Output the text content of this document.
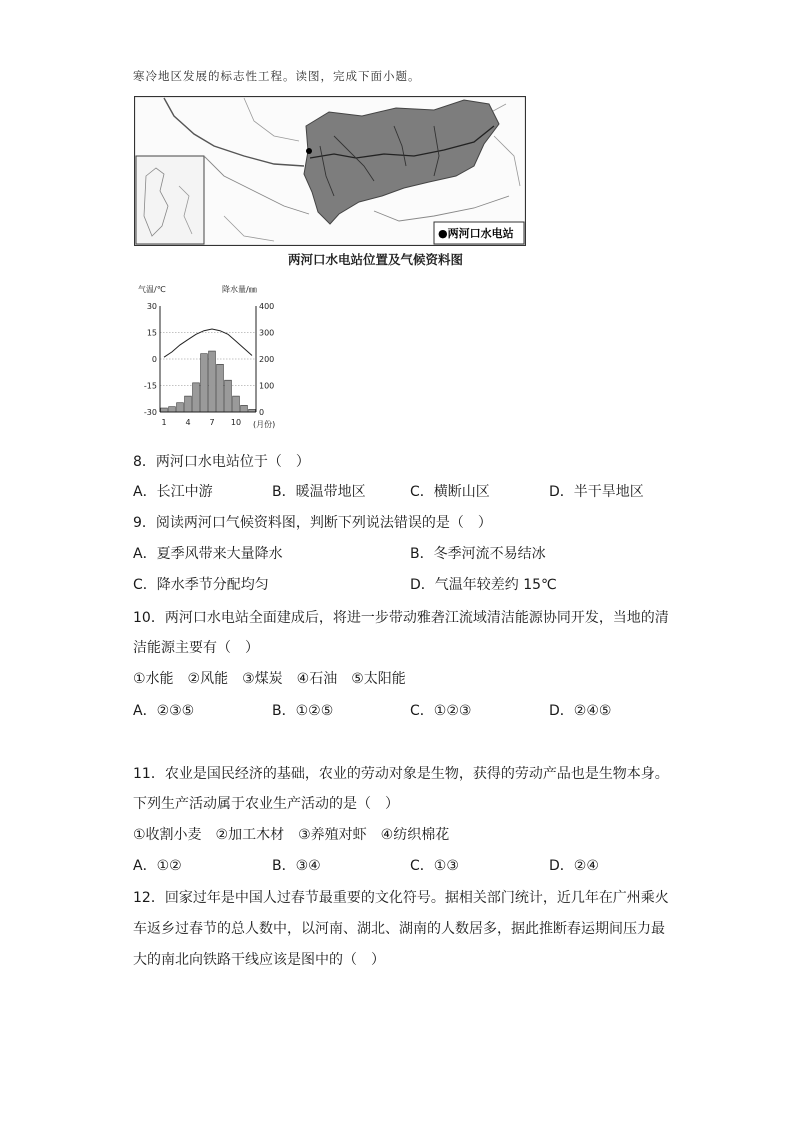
寒冷地区发展的标志性工程。读图，完成下面小题。
●两河口水电站
两河口水电站位置及气候资料图
气温/℃	降水量/㎜
30
15
0
-15
-30
400
300
200
100
0
1 4 7 10 (月份)
8．两河口水电站位于（　）
A．长江中游	B．暖温带地区	C．横断山区	D．半干旱地区
9．阅读两河口气候资料图，判断下列说法错误的是（　）
A．夏季风带来大量降水	B．冬季河流不易结冰
C．降水季节分配均匀	D．气温年较差约 15℃
10．两河口水电站全面建成后，将进一步带动雅砻江流域清洁能源协同开发，当地的清
洁能源主要有（　）
①水能　②风能　③煤炭　④石油　⑤太阳能
A．②③⑤	B．①②⑤	C．①②③	D．②④⑤
11．农业是国民经济的基础，农业的劳动对象是生物，获得的劳动产品也是生物本身。
下列生产活动属于农业生产活动的是（　）
①收割小麦　②加工木材　③养殖对虾　④纺织棉花
A．①②	B．③④	C．①③	D．②④
12．回家过年是中国人过春节最重要的文化符号。据相关部门统计，近几年在广州乘火
车返乡过春节的总人数中，以河南、湖北、湖南的人数居多，据此推断春运期间压力最
大的南北向铁路干线应该是图中的（　）
